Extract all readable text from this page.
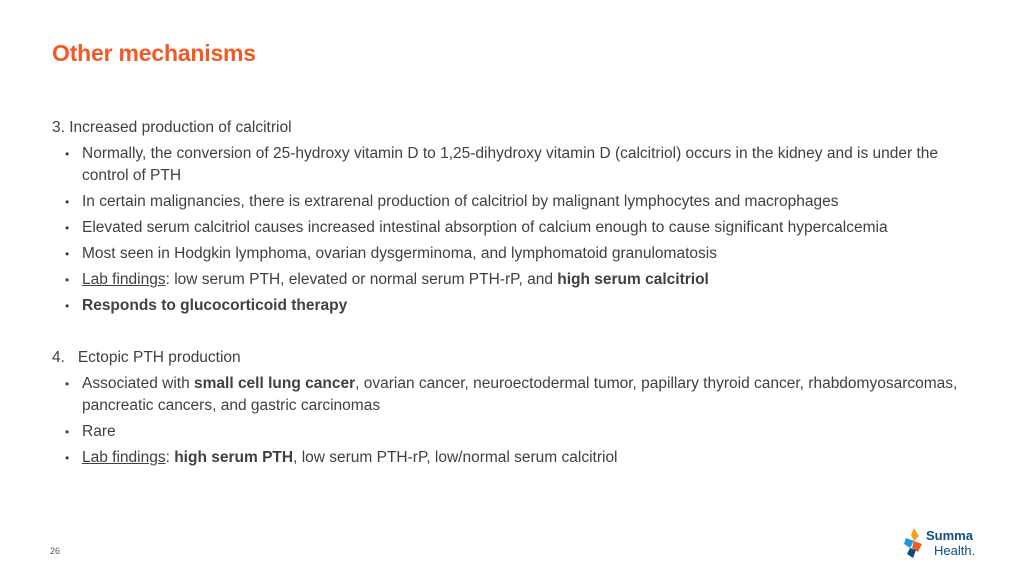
Other mechanisms
3. Increased production of calcitriol
• Normally, the conversion of 25-hydroxy vitamin D to 1,25-dihydroxy vitamin D (calcitriol) occurs in the kidney and is under the control of PTH
• In certain malignancies, there is extrarenal production of calcitriol by malignant lymphocytes and macrophages
• Elevated serum calcitriol causes increased intestinal absorption of calcium enough to cause significant hypercalcemia
• Most seen in Hodgkin lymphoma, ovarian dysgerminoma, and lymphomatoid granulomatosis
• Lab findings: low serum PTH, elevated or normal serum PTH-rP, and high serum calcitriol
• Responds to glucocorticoid therapy
4.   Ectopic PTH production
• Associated with small cell lung cancer, ovarian cancer, neuroectodermal tumor, papillary thyroid cancer, rhabdomyosarcomas, pancreatic cancers, and gastric carcinomas
• Rare
• Lab findings: high serum PTH, low serum PTH-rP, low/normal serum calcitriol
26
Summa
Health.
